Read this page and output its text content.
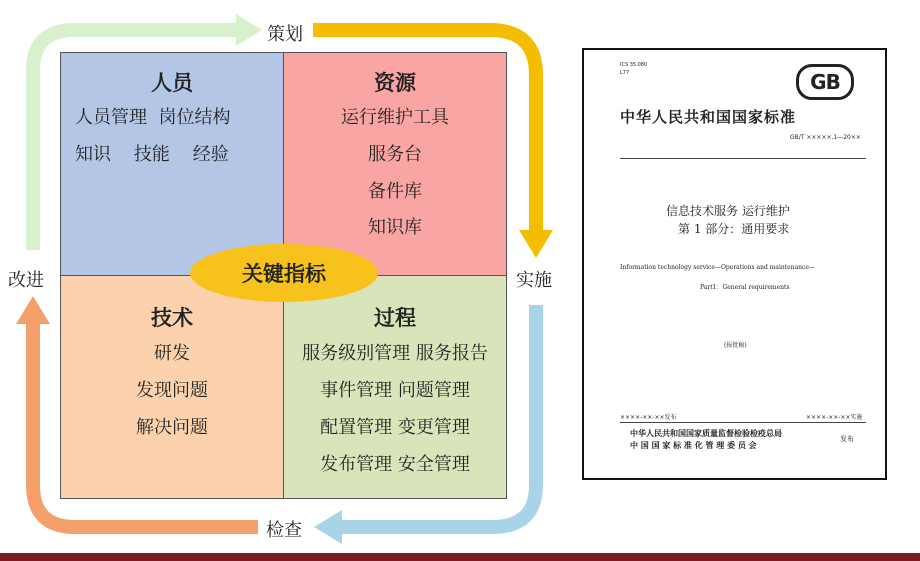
策划
实施
检查
改进
人员
人员管理  岗位结构
知识    技能    经验
资源
运行维护工具
服务台
备件库
知识库
技术
研发
发现问题
解决问题
过程
服务级别管理 服务报告
事件管理 问题管理
配置管理 变更管理
发布管理 安全管理
关键指标
ICS 35.080
L77	GB
中华人民共和国国家标准
GB/T ×××××.1—20××
信息技术服务 运行维护
第 1 部分：通用要求
Information technology service—Operations and maintenance—
Part1：General requirements
(报批稿)
××××-××-××发布	××××-××-××实施
中华人民共和国国家质量监督检验检疫总局
中 国 国 家 标 准 化 管 理 委 员 会
发布
